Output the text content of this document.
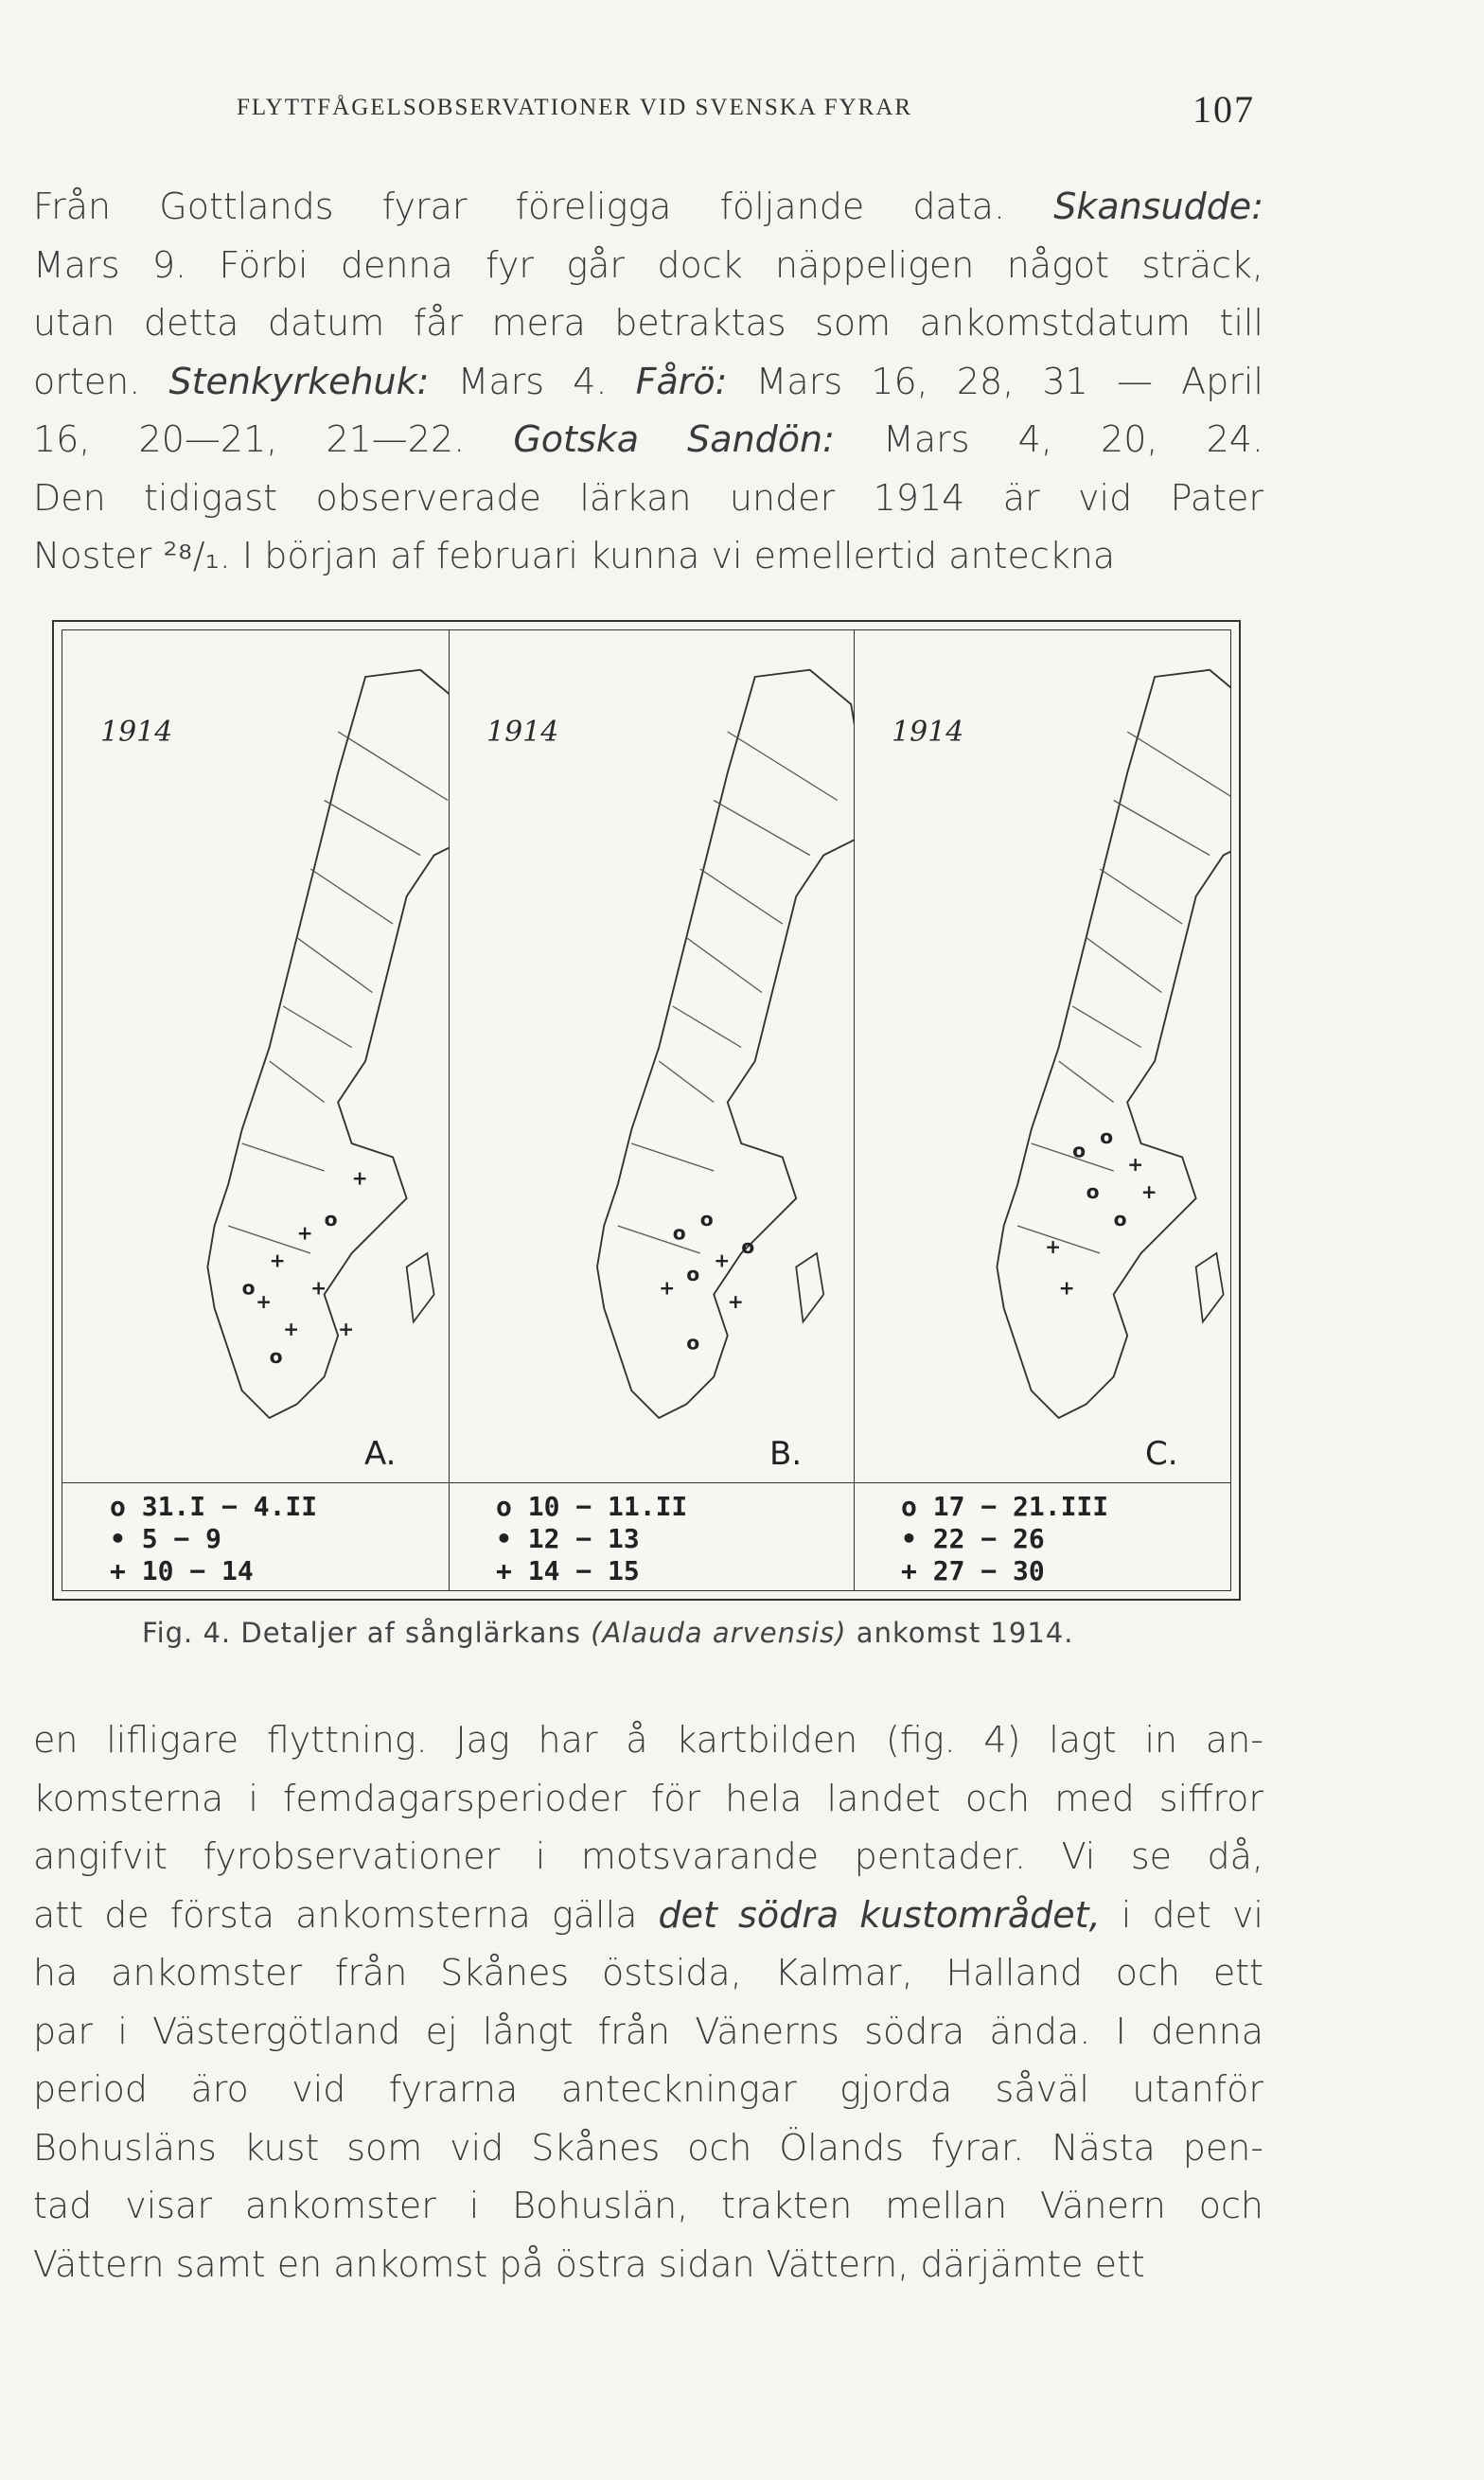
FLYTTFÅGELSOBSERVATIONER VID SVENSKA FYRAR	107
Från Gottlands fyrar föreligga följande data. Skansudde:
Mars 9. Förbi denna fyr går dock näppeligen något sträck,
utan detta datum får mera betraktas som ankomstdatum till
orten. Stenkyrkehuk: Mars 4. Fårö: Mars 16, 28, 31 — April
16, 20—21, 21—22. Gotska Sandön: Mars 4, 20, 24.
Den tidigast observerade lärkan under 1914 är vid Pater
Noster ²⁸/₁. I början af februari kunna vi emellertid anteckna
+
+
o
+
+
o	+
+
o
+
1914
A.
o 31.I − 4.II
• 5 − 9
+ 10 − 14
o
o
o
+
+
+
o
o
1914
B.
o 10 − 11.II
• 12 − 13
+ 14 − 15
o
o
+
o
+
+
o
+
1914
C.
o 17 − 21.III
• 22 − 26
+ 27 − 30
Fig. 4. Detaljer af sånglärkans (Alauda arvensis) ankomst 1914.
en lifligare flyttning. Jag har å kartbilden (fig. 4) lagt in an-
komsterna i femdagarsperioder för hela landet och med siffror
angifvit fyrobservationer i motsvarande pentader. Vi se då,
att de första ankomsterna gälla det södra kustområdet, i det vi
ha ankomster från Skånes östsida, Kalmar, Halland och ett
par i Västergötland ej långt från Vänerns södra ända. I denna
period äro vid fyrarna anteckningar gjorda såväl utanför
Bohusläns kust som vid Skånes och Ölands fyrar. Nästa pen-
tad visar ankomster i Bohuslän, trakten mellan Vänern och
Vättern samt en ankomst på östra sidan Vättern, därjämte ett
